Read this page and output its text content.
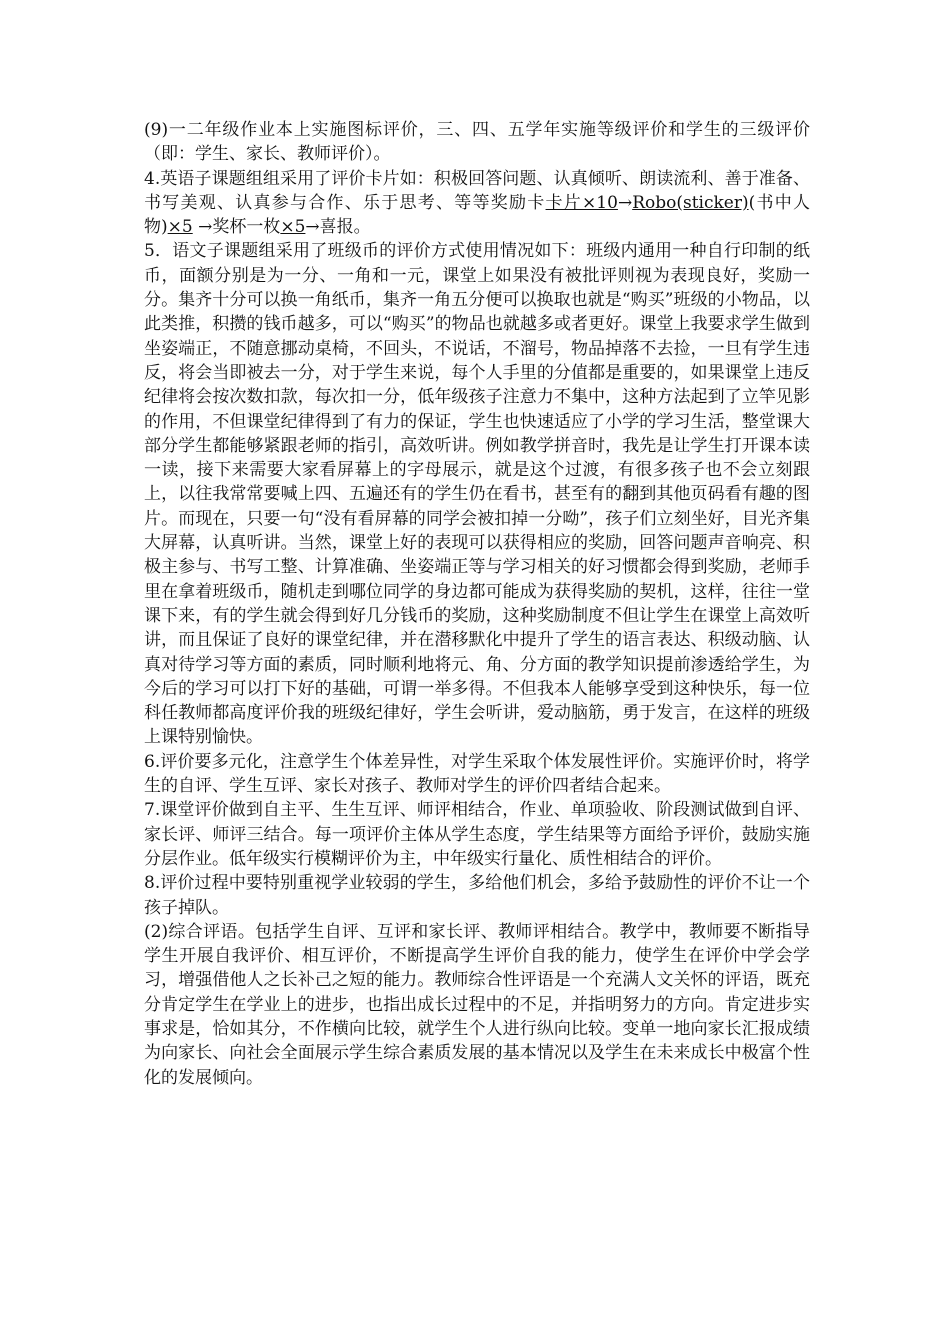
(9)一二年级作业本上实施图标评价，三、四、五学年实施等级评价和学生的三级评价（即：学生、家长、教师评价）。

4.英语子课题组组采用了评价卡片如：积极回答问题、认真倾听、朗读流利、善于准备、书写美观、认真参与合作、乐于思考、等等奖励卡卡片×10→Robo(sticker)(书中人物)×5 →奖杯一枚×5→喜报。

5．语文子课题组采用了班级币的评价方式使用情况如下：班级内通用一种自行印制的纸币，面额分别是为一分、一角和一元，课堂上如果没有被批评则视为表现良好，奖励一分。集齐十分可以换一角纸币，集齐一角五分便可以换取也就是“购买”班级的小物品，以此类推，积攒的钱币越多，可以“购买”的物品也就越多或者更好。课堂上我要求学生做到坐姿端正，不随意挪动桌椅，不回头，不说话，不溜号，物品掉落不去捡，一旦有学生违反，将会当即被去一分，对于学生来说，每个人手里的分值都是重要的，如果课堂上违反纪律将会按次数扣款，每次扣一分，低年级孩子注意力不集中，这种方法起到了立竿见影的作用，不但课堂纪律得到了有力的保证，学生也快速适应了小学的学习生活，整堂课大部分学生都能够紧跟老师的指引，高效听讲。例如教学拼音时，我先是让学生打开课本读一读，接下来需要大家看屏幕上的字母展示，就是这个过渡，有很多孩子也不会立刻跟上，以往我常常要喊上四、五遍还有的学生仍在看书，甚至有的翻到其他页码看有趣的图片。而现在，只要一句“没有看屏幕的同学会被扣掉一分呦”，孩子们立刻坐好，目光齐集大屏幕，认真听讲。当然，课堂上好的表现可以获得相应的奖励，回答问题声音响亮、积极主参与、书写工整、计算准确、坐姿端正等与学习相关的好习惯都会得到奖励，老师手里在拿着班级币，随机走到哪位同学的身边都可能成为获得奖励的契机，这样，往往一堂课下来，有的学生就会得到好几分钱币的奖励，这种奖励制度不但让学生在课堂上高效听讲，而且保证了良好的课堂纪律，并在潜移默化中提升了学生的语言表达、积级动脑、认真对待学习等方面的素质，同时顺利地将元、角、分方面的教学知识提前渗透给学生，为今后的学习可以打下好的基础，可谓一举多得。不但我本人能够享受到这种快乐，每一位科任教师都高度评价我的班级纪律好，学生会听讲，爱动脑筋，勇于发言，在这样的班级上课特别愉快。

6.评价要多元化，注意学生个体差异性，对学生采取个体发展性评价。实施评价时，将学生的自评、学生互评、家长对孩子、教师对学生的评价四者结合起来。

7.课堂评价做到自主平、生生互评、师评相结合，作业、单项验收、阶段测试做到自评、家长评、师评三结合。每一项评价主体从学生态度，学生结果等方面给予评价，鼓励实施分层作业。低年级实行模糊评价为主，中年级实行量化、质性相结合的评价。

8.评价过程中要特别重视学业较弱的学生，多给他们机会，多给予鼓励性的评价不让一个孩子掉队。

(2)综合评语。包括学生自评、互评和家长评、教师评相结合。教学中，教师要不断指导学生开展自我评价、相互评价，不断提高学生评价自我的能力，使学生在评价中学会学习，增强借他人之长补己之短的能力。教师综合性评语是一个充满人文关怀的评语，既充分肯定学生在学业上的进步，也指出成长过程中的不足，并指明努力的方向。肯定进步实事求是，恰如其分，不作横向比较，就学生个人进行纵向比较。变单一地向家长汇报成绩为向家长、向社会全面展示学生综合素质发展的基本情况以及学生在未来成长中极富个性化的发展倾向。
